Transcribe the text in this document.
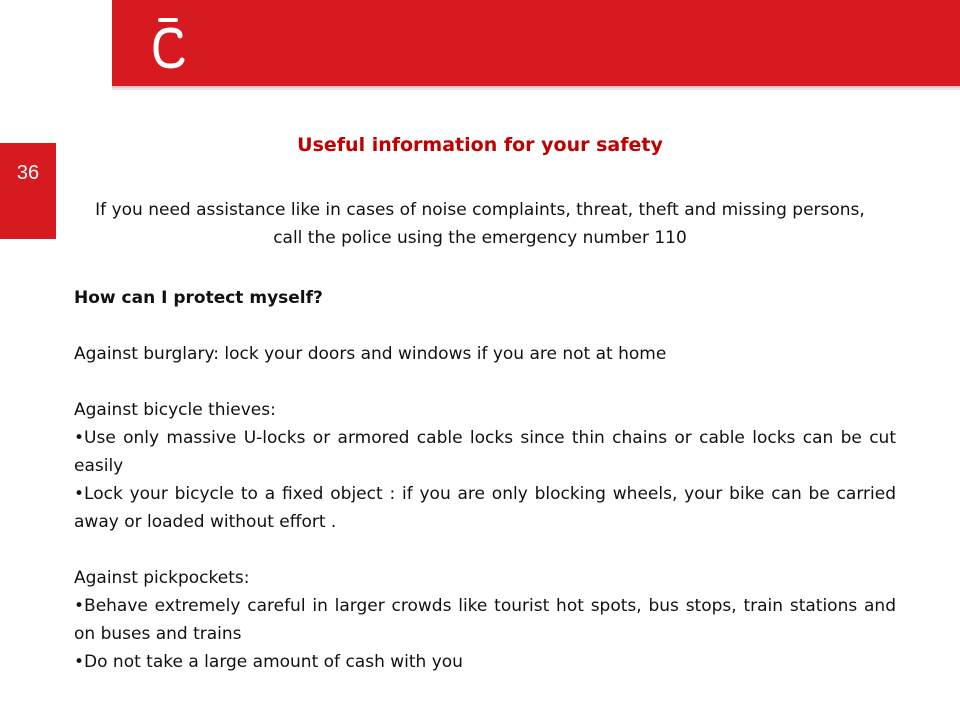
36
Useful information for your safety
If you need assistance like in cases of noise complaints, threat, theft and missing persons, call the police using the emergency number 110

How can I protect myself?

Against burglary: lock your doors and windows if you are not at home

Against bicycle thieves:

•Use only massive U-locks or armored cable locks since thin chains or cable locks can be cut easily

•Lock your bicycle to a fixed object : if you are only blocking wheels, your bike can be carried away or loaded without effort .

Against pickpockets:

•Behave extremely careful in larger crowds like tourist hot spots, bus stops, train stations and on buses and trains

•Do not take a large amount of cash with you
